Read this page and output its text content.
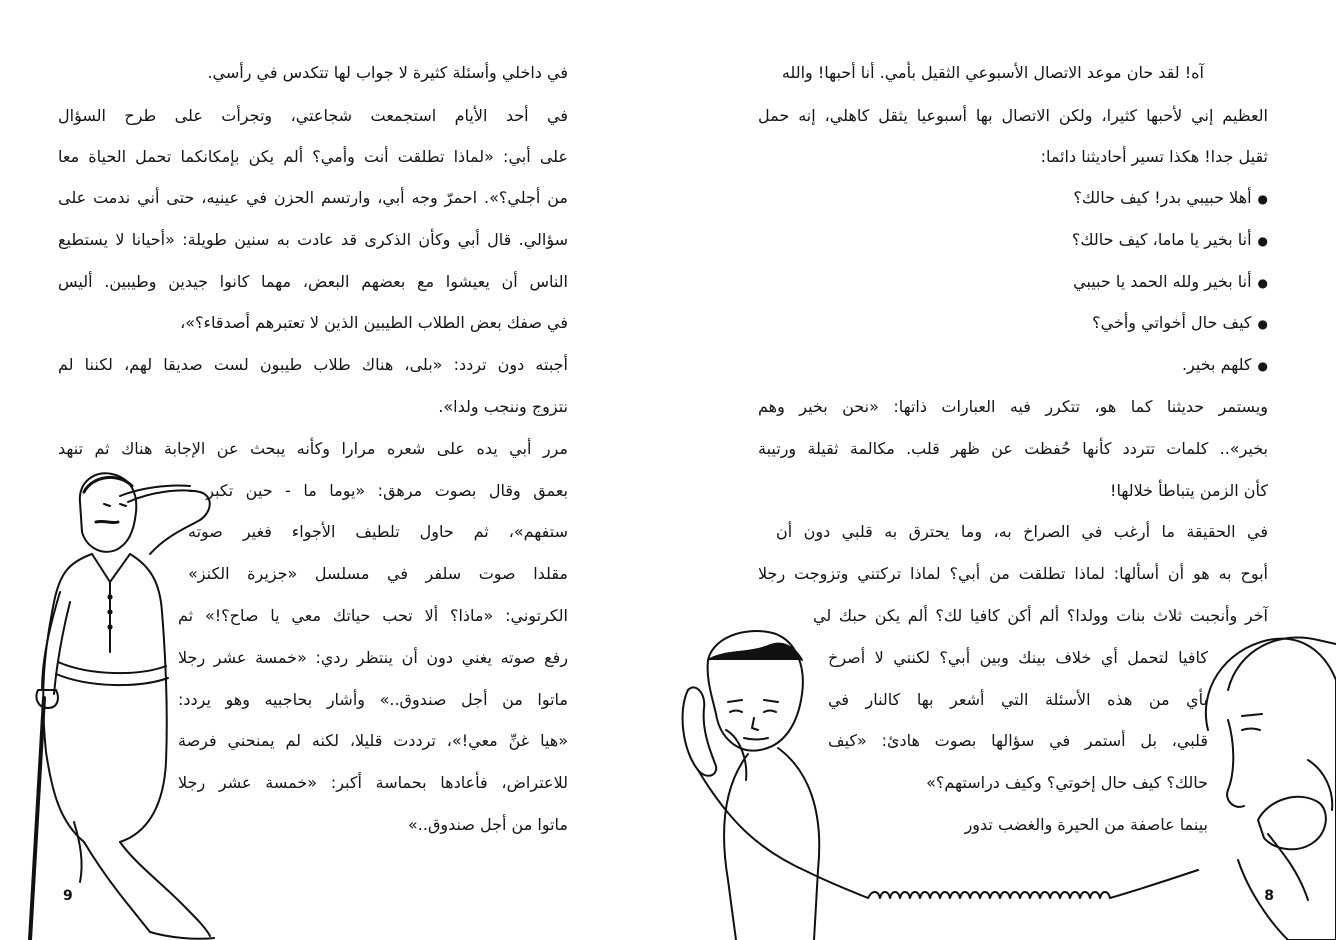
في داخلي وأسئلة كثيرة لا جواب لها تتكدس في رأسي.
في أحد الأيام استجمعت شجاعتي، وتجرأت على طرح السؤال
على أبي: «لماذا تطلقت أنت وأمي؟ ألم يكن بإمكانكما تحمل الحياة معا
من أجلي؟». احمرّ وجه أبي، وارتسم الحزن في عينيه، حتى أني ندمت على
سؤالي. قال أبي وكأن الذكرى قد عادت به سنين طويلة: «أحيانا لا يستطيع
الناس أن يعيشوا مع بعضهم البعض، مهما كانوا جيدين وطيبين. أليس
في صفك بعض الطلاب الطيبين الذين لا تعتبرهم أصدقاء؟»،
أجبته دون تردد: «بلى، هناك طلاب طيبون لست صديقا لهم، لكننا لم
نتزوج وننجب ولدا».
مرر أبي يده على شعره مرارا وكأنه يبحث عن الإجابة هناك ثم تنهد
بعمق وقال بصوت مرهق: «يوما ما - حين تكبر -
ستفهم»، ثم حاول تلطيف الأجواء فغير صوته
مقلدا صوت سلفر في مسلسل «جزيرة الكنز»
الكرتوني: «ماذا؟ ألا تحب حياتك معي يا صاح؟!» ثم
رفع صوته يغني دون أن ينتظر ردي: «خمسة عشر رجلا
ماتوا من أجل صندوق..» وأشار بحاجبيه وهو يردد:
«هيا غنِّ معي!»، ترددت قليلا، لكنه لم يمنحني فرصة
للاعتراض، فأعادها بحماسة أكبر: «خمسة عشر رجلا
ماتوا من أجل صندوق..»
9
آه! لقد حان موعد الاتصال الأسبوعي الثقيل بأمي. أنا أحبها! والله
العظيم إني لأحبها كثيرا، ولكن الاتصال بها أسبوعيا يثقل كاهلي، إنه حمل
ثقيل جدا! هكذا تسير أحاديثنا دائما:
● أهلا حبيبي بدر! كيف حالك؟
● أنا بخير يا ماما، كيف حالك؟
● أنا بخير ولله الحمد يا حبيبي
● كيف حال أخواتي وأخي؟
● كلهم بخير.
ويستمر حديثنا كما هو، تتكرر فيه العبارات ذاتها: «نحن بخير وهم
بخير».. كلمات تتردد كأنها حُفظت عن ظهر قلب. مكالمة ثقيلة ورتيبة
كأن الزمن يتباطأ خلالها!
في الحقيقة ما أرغب في الصراخ به، وما يحترق به قلبي دون أن
أبوح به هو أن أسألها: لماذا تطلقت من أبي؟ لماذا تركتني وتزوجت رجلا
آخر وأنجبت ثلاث بنات وولدا؟ ألم أكن كافيا لك؟ ألم يكن حبك لي
كافيا لتحمل أي خلاف بينك وبين أبي؟ لكنني لا أصرخ
بأي من هذه الأسئلة التي أشعر بها كالنار في
قلبي، بل أستمر في سؤالها بصوت هادئ: «كيف
حالك؟ كيف حال إخوتي؟ وكيف دراستهم؟»
بينما عاصفة من الحيرة والغضب تدور
8
